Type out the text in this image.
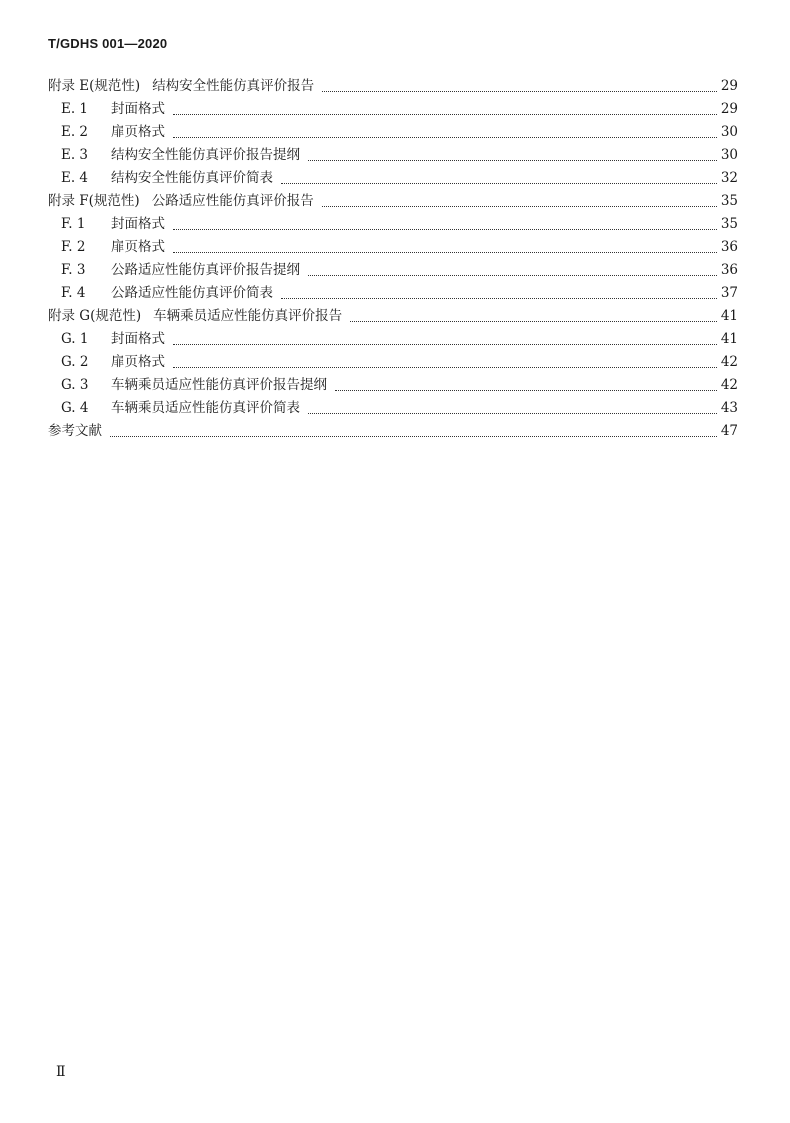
T/GDHS 001—2020
附录 E(规范性) 结构安全性能仿真评价报告	29
E. 1 封面格式	29
E. 2 扉页格式	30
E. 3 结构安全性能仿真评价报告提纲	30
E. 4 结构安全性能仿真评价简表	32
附录 F(规范性) 公路适应性能仿真评价报告	35
F. 1 封面格式	35
F. 2 扉页格式	36
F. 3 公路适应性能仿真评价报告提纲	36
F. 4 公路适应性能仿真评价简表	37
附录 G(规范性) 车辆乘员适应性能仿真评价报告	41
G. 1 封面格式	41
G. 2 扉页格式	42
G. 3 车辆乘员适应性能仿真评价报告提纲	42
G. 4 车辆乘员适应性能仿真评价简表	43
参考文献	47
Ⅱ
